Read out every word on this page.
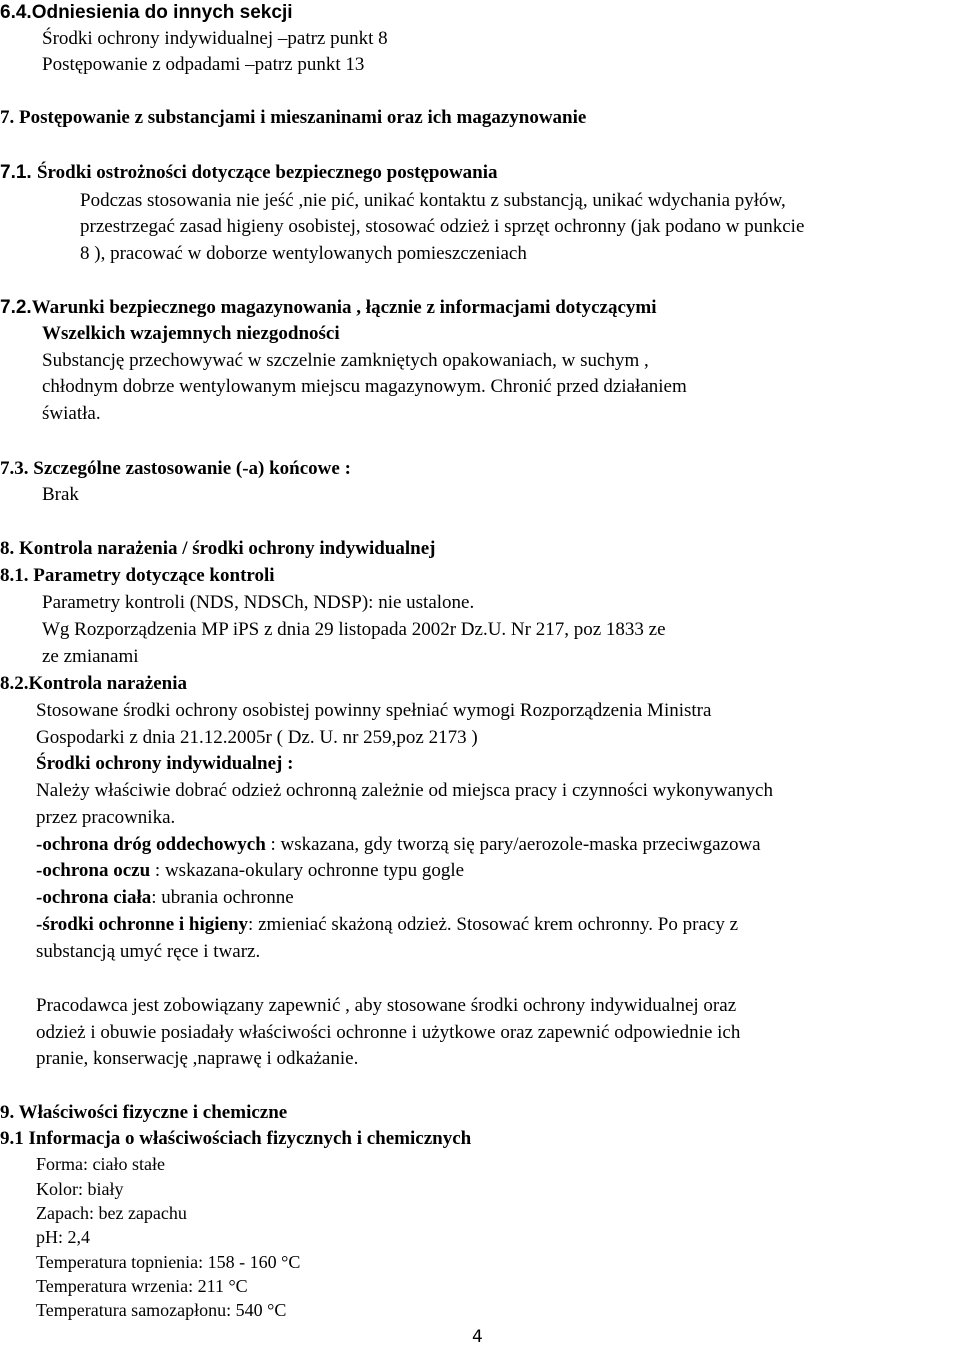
6.4.Odniesienia do innych sekcji
Środki ochrony indywidualnej –patrz punkt 8
Postępowanie z odpadami –patrz punkt 13
7. Postępowanie z substancjami i mieszaninami oraz ich magazynowanie
7.1. Środki ostrożności dotyczące bezpiecznego postępowania
Podczas stosowania nie jeść ,nie pić, unikać kontaktu z substancją, unikać wdychania pyłów,
przestrzegać zasad higieny osobistej, stosować odzież i sprzęt ochronny (jak podano w punkcie
8 ), pracować w doborze wentylowanych pomieszczeniach
7.2.Warunki bezpiecznego magazynowania , łącznie z informacjami dotyczącymi
Wszelkich wzajemnych niezgodności
Substancję przechowywać w szczelnie zamkniętych opakowaniach, w suchym ,
chłodnym dobrze wentylowanym miejscu magazynowym. Chronić przed działaniem
światła.
7.3. Szczególne zastosowanie (-a) końcowe :
Brak
8. Kontrola narażenia / środki ochrony indywidualnej
8.1. Parametry dotyczące kontroli
Parametry kontroli (NDS, NDSCh, NDSP): nie ustalone.
Wg Rozporządzenia MP iPS z dnia 29 listopada 2002r Dz.U. Nr 217, poz 1833 ze
ze zmianami
8.2.Kontrola narażenia
Stosowane środki ochrony osobistej powinny spełniać wymogi Rozporządzenia Ministra
Gospodarki z dnia 21.12.2005r ( Dz. U. nr 259,poz 2173 )
Środki ochrony indywidualnej :
Należy właściwie dobrać odzież ochronną zależnie od miejsca pracy i czynności wykonywanych
przez pracownika.
-ochrona dróg oddechowych : wskazana, gdy tworzą się pary/aerozole-maska przeciwgazowa
-ochrona oczu : wskazana-okulary ochronne typu gogle
-ochrona ciała: ubrania ochronne
-środki ochronne i higieny: zmieniać skażoną odzież. Stosować krem ochronny. Po pracy z
substancją umyć ręce i twarz.
Pracodawca jest zobowiązany zapewnić , aby stosowane środki ochrony indywidualnej oraz
odzież i obuwie posiadały właściwości ochronne i użytkowe oraz zapewnić odpowiednie ich
pranie, konserwację ,naprawę i odkażanie.
9. Właściwości fizyczne i chemiczne
9.1 Informacja o właściwościach fizycznych i chemicznych
Forma: ciało stałe
Kolor: biały
Zapach: bez zapachu
pH: 2,4
Temperatura topnienia: 158 - 160 °C
Temperatura wrzenia: 211 °C
Temperatura samozapłonu: 540 °C
4
